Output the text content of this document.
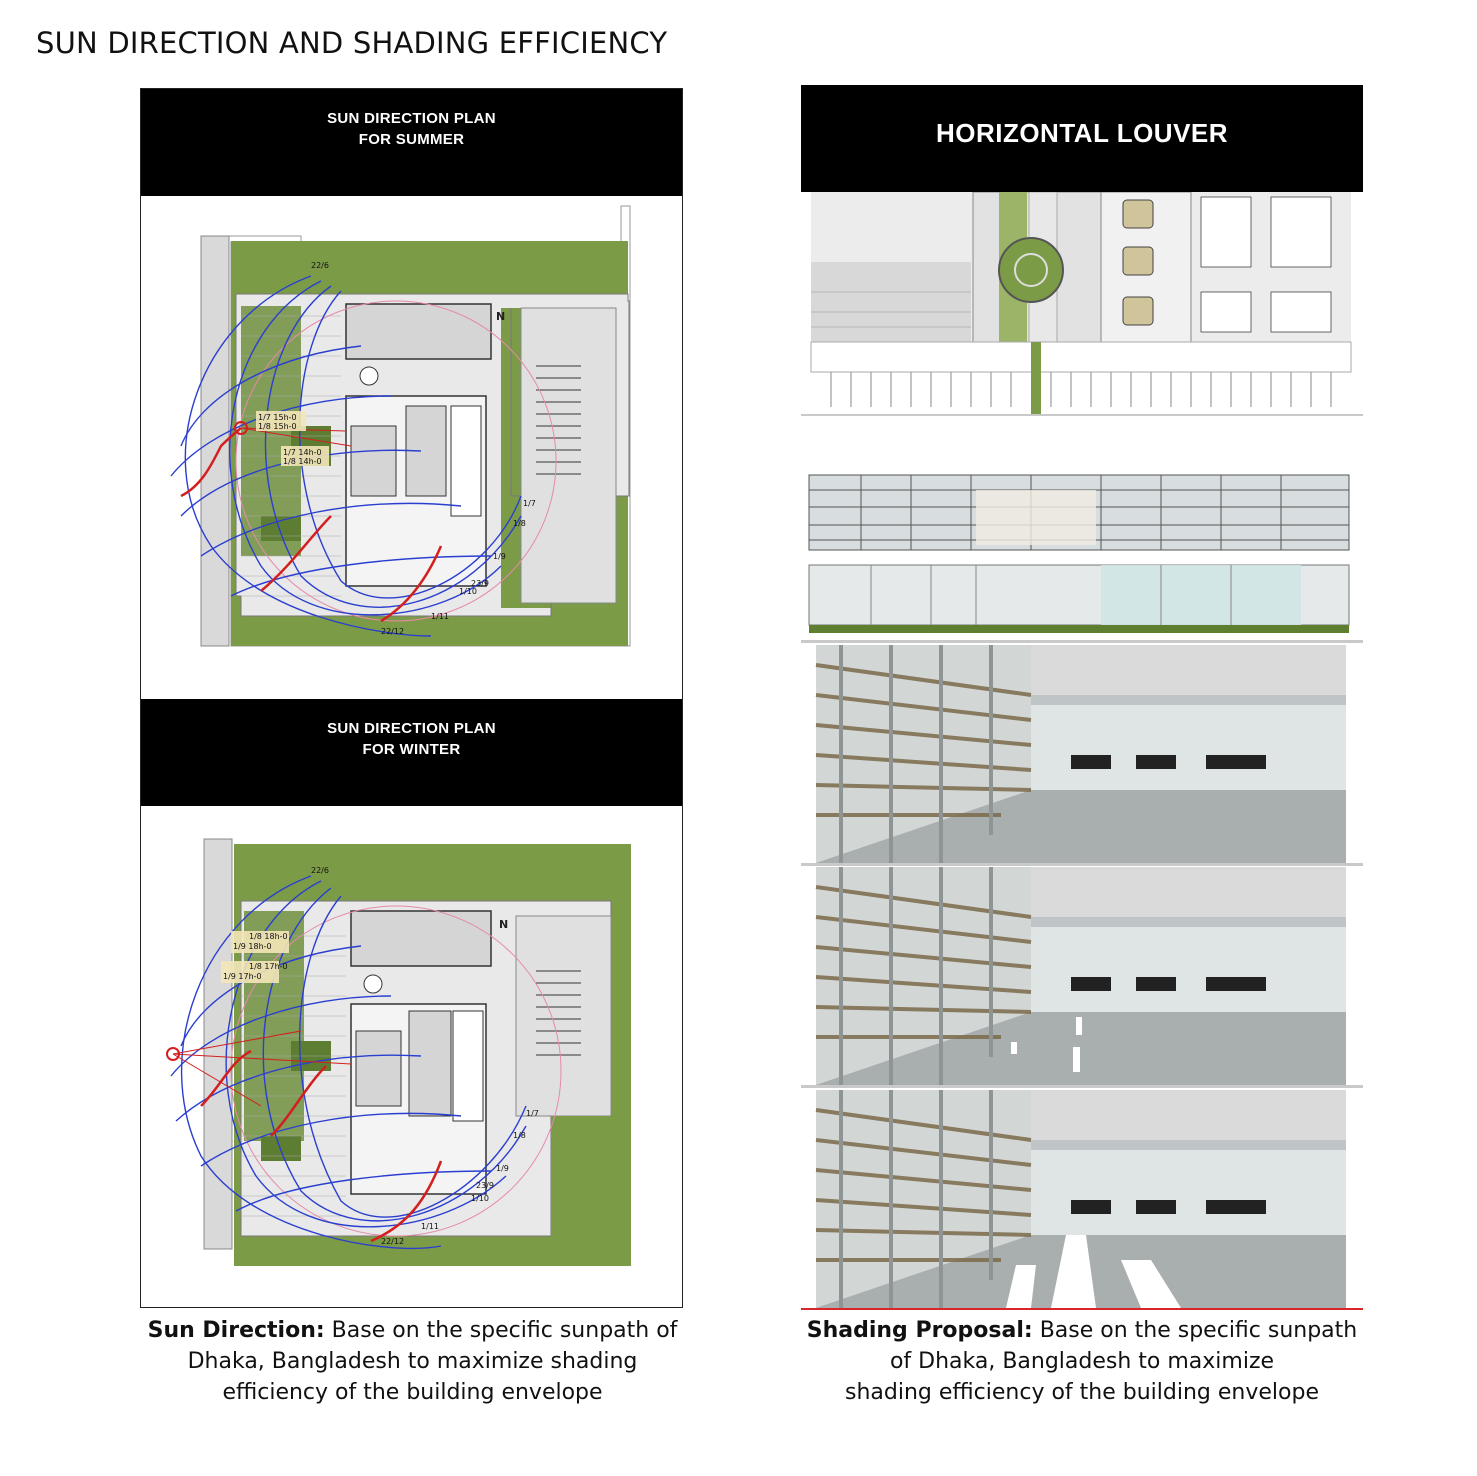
SUN DIRECTION AND SHADING EFFICIENCY
SUN DIRECTION PLAN
FOR SUMMER
N
22/6
1/7 15h-0
1/8 15h-0
1/7 14h-0
1/8 14h-0
1/7
1/8
1/9
1/10
23/9
1/11
22/12
SUN DIRECTION PLAN
FOR WINTER
N
22/6
1/8 18h-0
1/9 18h-0
1/8 17h-0
1/9 17h-0
1/7
1/8
1/9
1/10
23/9
1/11
22/12
HORIZONTAL LOUVER
Sun Direction: Base on the specific sunpath of
Dhaka, Bangladesh to maximize shading
efficiency of the building envelope
Shading Proposal: Base on the specific sunpath
of Dhaka, Bangladesh to maximize
shading efficiency of the building envelope
